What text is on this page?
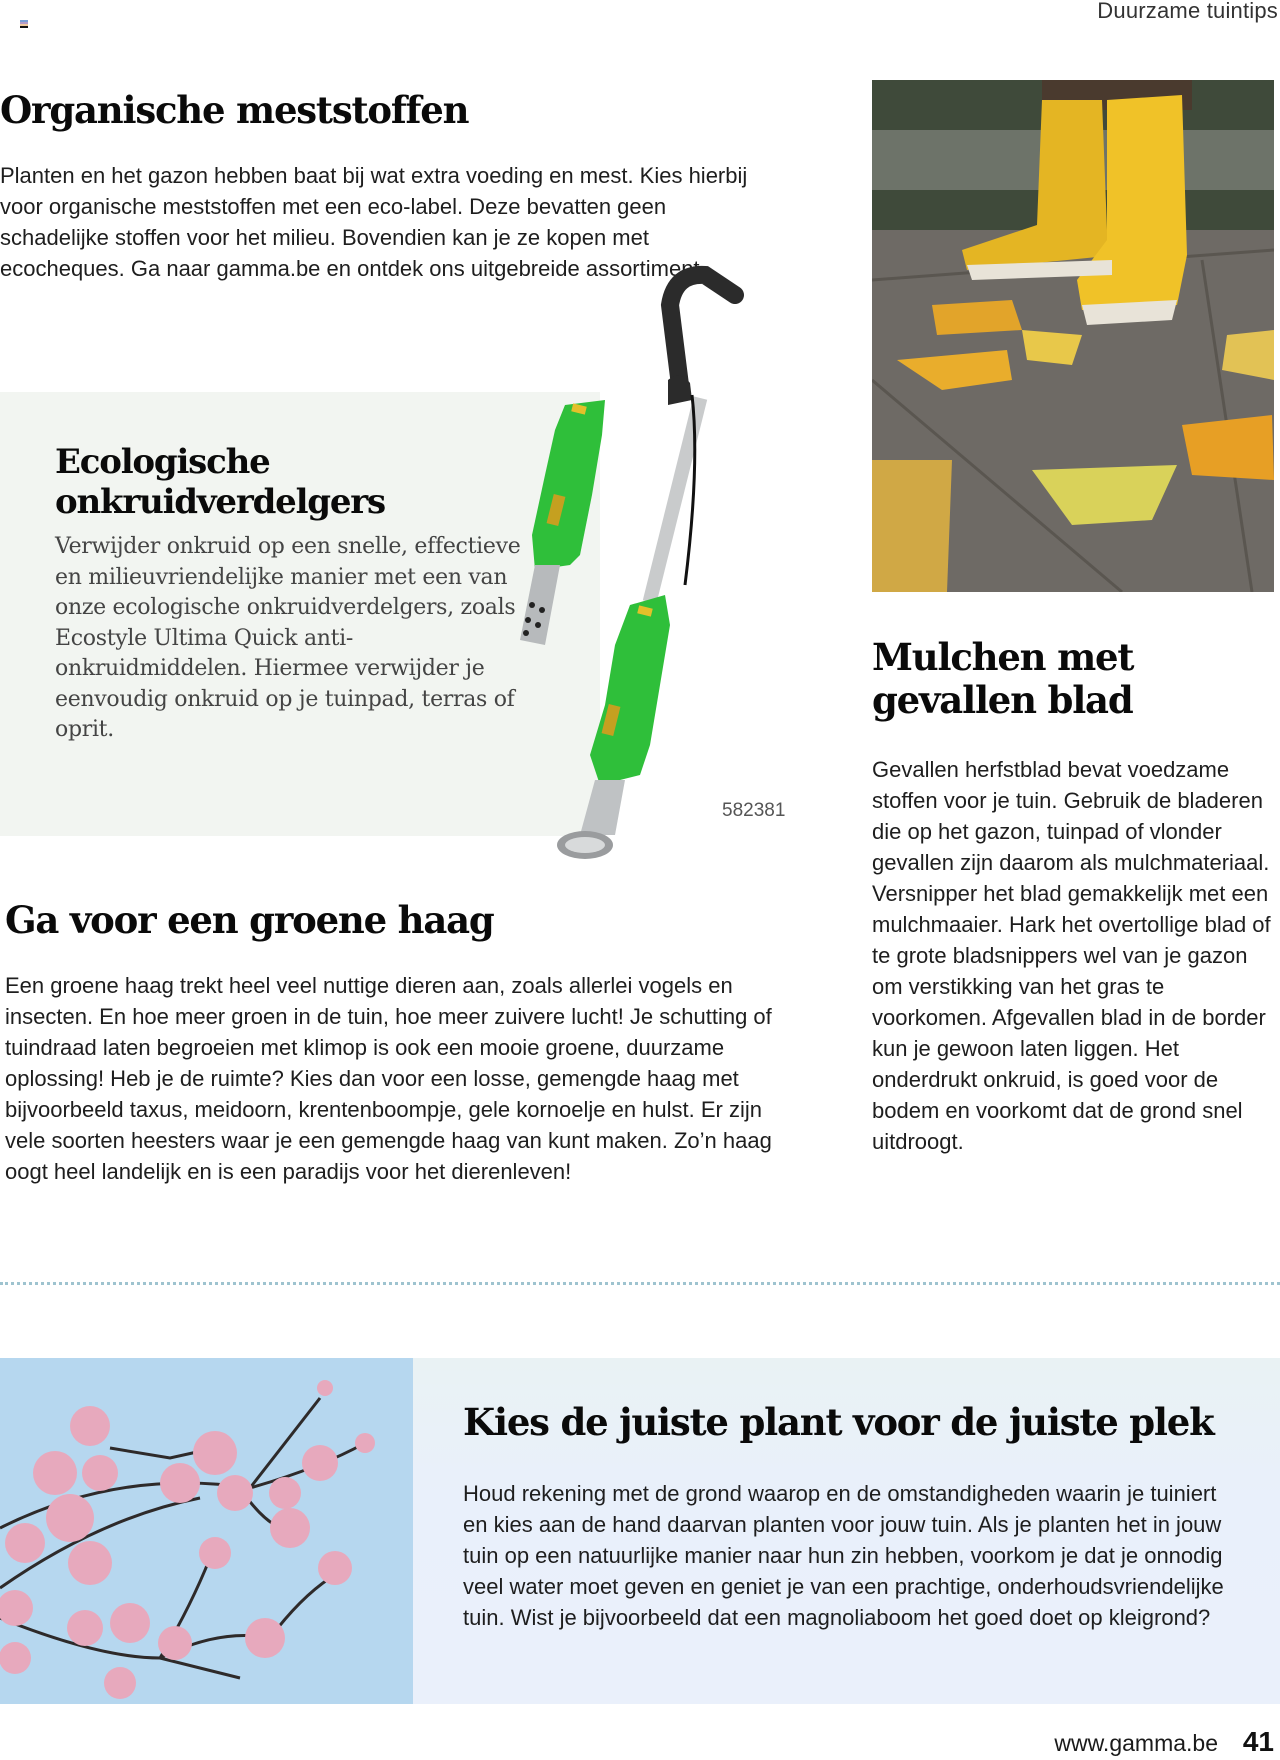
Duurzame tuintips
Organische meststoffen

Planten en het gazon hebben baat bij wat extra voeding en mest. Kies hierbij voor organische meststoffen met een eco-label. Deze bevatten geen schadelijke stoffen voor het milieu. Bovendien kan je ze kopen met ecocheques. Ga naar gamma.be en ontdek ons uitgebreide assortiment.

Ecologische onkruidverdelgers

Verwijder onkruid op een snelle, effectieve en milieuvriendelijke manier met een van onze ecologische onkruidverdelgers, zoals Ecostyle Ultima Quick anti-onkruidmiddelen. Hiermee verwijder je eenvoudig onkruid op je tuinpad, terras of oprit.

582381
Mulchen met gevallen blad

Gevallen herfstblad bevat voedzame stoffen voor je tuin. Gebruik de bladeren die op het gazon, tuinpad of vlonder gevallen zijn daarom als mulchmateriaal. Versnipper het blad gemakkelijk met een mulchmaaier. Hark het overtollige blad of te grote bladsnippers wel van je gazon om verstikking van het gras te voorkomen. Afgevallen blad in de border kun je gewoon laten liggen. Het onderdrukt onkruid, is goed voor de bodem en voorkomt dat de grond snel uitdroogt.

Ga voor een groene haag

Een groene haag trekt heel veel nuttige dieren aan, zoals allerlei vogels en insecten. En hoe meer groen in de tuin, hoe meer zuivere lucht! Je schutting of tuindraad laten begroeien met klimop is ook een mooie groene, duurzame oplossing! Heb je de ruimte? Kies dan voor een losse, gemengde haag met bijvoorbeeld taxus, meidoorn, krentenboompje, gele kornoelje en hulst. Er zijn vele soorten heesters waar je een gemengde haag van kunt maken. Zo’n haag oogt heel landelijk en is een paradijs voor het dierenleven!

Kies de juiste plant voor de juiste plek

Houd rekening met de grond waarop en de omstandigheden waarin je tuiniert en kies aan de hand daarvan planten voor jouw tuin. Als je planten het in jouw tuin op een natuurlijke manier naar hun zin hebben, voorkom je dat je onnodig veel water moet geven en geniet je van een prachtige, onderhoudsvriendelijke tuin. Wist je bijvoorbeeld dat een magnoliaboom het goed doet op kleigrond?

www.gamma.be 41
